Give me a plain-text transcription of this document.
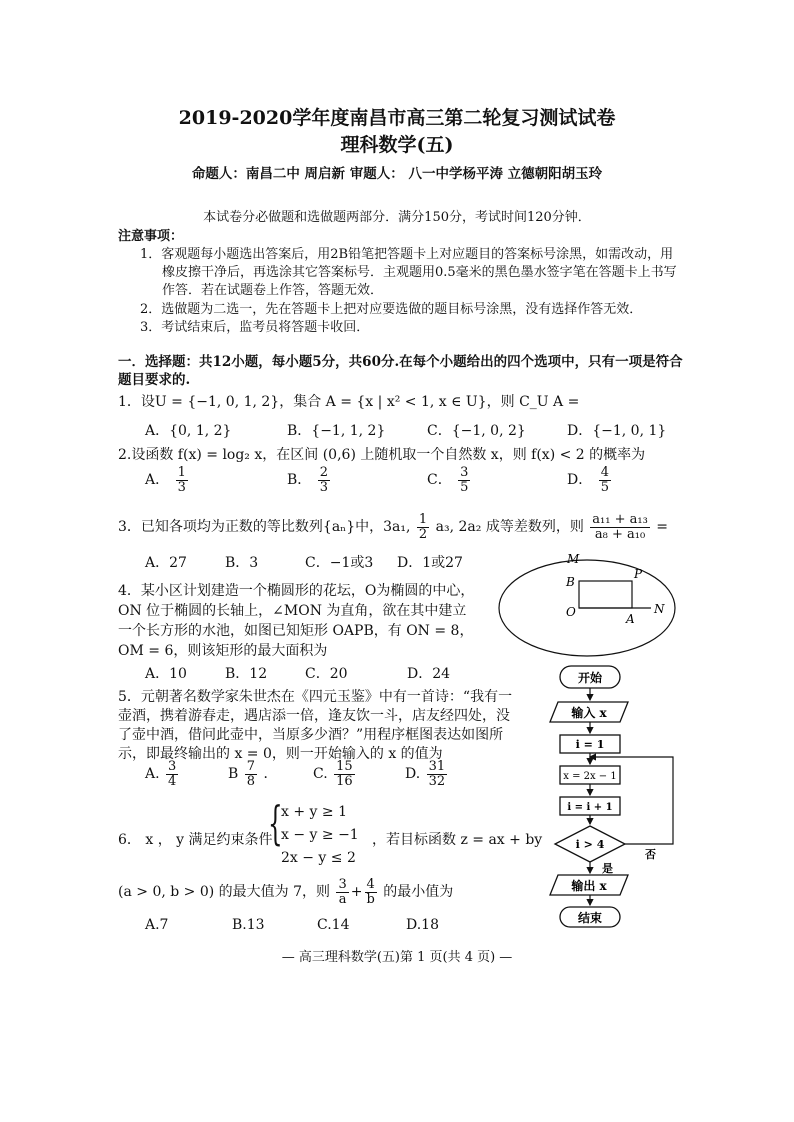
2019-2020学年度南昌市高三第二轮复习测试试卷
理科数学(五)
命题人：南昌二中 周启新 审题人： 八一中学杨平涛 立德朝阳胡玉玲
本试卷分必做题和选做题两部分．满分150分，考试时间120分钟．
注意事项：
1．客观题每小题选出答案后，用2B铅笔把答题卡上对应题目的答案标号涂黑，如需改动，用
橡皮擦干净后，再选涂其它答案标号．主观题用0.5毫米的黑色墨水签字笔在答题卡上书写
作答．若在试题卷上作答，答题无效．
2．选做题为二选一，先在答题卡上把对应要选做的题目标号涂黑，没有选择作答无效．
3．考试结束后，监考员将答题卡收回．
一．选择题：共12小题，每小题5分，共60分.在每个小题给出的四个选项中，只有一项是符合
题目要求的.
1．设U = {−1, 0, 1, 2}，集合 A = {x | x² < 1, x ∈ U}，则 C_U A =
A．{0, 1, 2}	B．{−1, 1, 2}	C．{−1, 0, 2}	D．{−1, 0, 1}
2.设函数 f(x) = log₂ x，在区间 (0,6) 上随机取一个自然数 x，则 f(x) < 2 的概率为
A． $\frac{1}{3}$	B． $\frac{2}{3}$	C． $\frac{3}{5}$	D． $\frac{4}{5}$
3．已知各项均为正数的等比数列{aₙ}中，3a₁, $\frac{1}{2} a_3$, 2a₂ 成等差数列，则 $\frac{\text{a₁₁ + a₁₃}}{\text{a₈ + a₁₀}}$ =
A．27	B．3	C．−1或3 D．1或27
4．某小区计划建造一个椭圆形的花坛，O为椭圆的中心，
ON 位于椭圆的长轴上，∠MON 为直角，欲在其中建立
一个长方形的水池，如图已知矩形 OAPB，有 ON = 8，
OM = 6，则该矩形的最大面积为
A．10	B．12	C．20	D．24
M
B
P
O	A
N
5．元朝著名数学家朱世杰在《四元玉鉴》中有一首诗：“我有一
壶酒，携着游春走，遇店添一倍，逢友饮一斗，店友经四处，没
了壶中酒，借问此壶中，当原多少酒？”用程序框图表达如图所
示，即最终输出的 x = 0，则一开始输入的 x 的值为
A. $\frac{3}{4}$	B $\frac{7}{8}$ ．	C. $\frac{15}{16}$	D. $\frac{31}{32}$
开始
输入 x
i = 1
x = 2x − 1
i = i + 1
i > 4
否
是
输出 x
结束
6． x ， y 满足约束条件
{
x + y ≥ 1
x − y ≥ −1
2x − y ≤ 2
，若目标函数 z = ax + by
(a > 0, b > 0) 的最大值为 7，则 $\frac{3}{a} + \frac{4}{b}$ 的最小值为
A.7	B.13	C.14	D.18
— 高三理科数学(五)第 1 页(共 4 页) —
